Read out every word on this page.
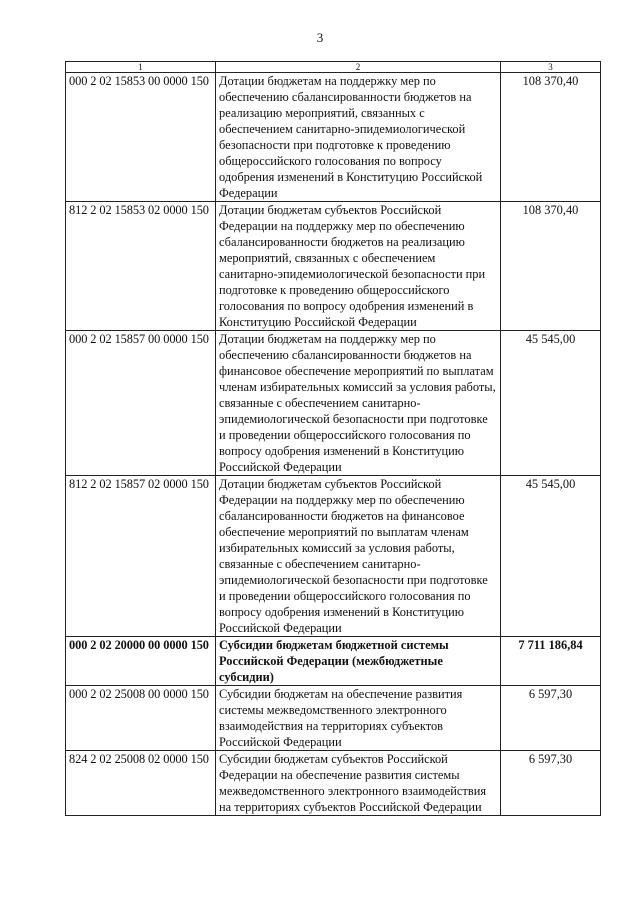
3
1	2	3
000 2 02 15853 00 0000 150	Дотации бюджетам на поддержку мер по обеспечению сбалансированности бюджетов на реализацию мероприятий, связанных с обеспечением санитарно-эпидемиологической безопасности при подготовке к проведению общероссийского голосования по вопросу одобрения изменений в Конституцию Российской Федерации	108 370,40
812 2 02 15853 02 0000 150	Дотации бюджетам субъектов Российской Федерации на поддержку мер по обеспечению сбалансированности бюджетов на реализацию мероприятий, связанных с обеспечением санитарно-эпидемиологической безопасности при подготовке к проведению общероссийского голосования по вопросу одобрения изменений в Конституцию Российской Федерации	108 370,40
000 2 02 15857 00 0000 150	Дотации бюджетам на поддержку мер по обеспечению сбалансированности бюджетов на финансовое обеспечение мероприятий по выплатам членам избирательных комиссий за условия работы, связанные с обеспечением санитарно-эпидемиологической безопасности при подготовке и проведении общероссийского голосования по вопросу одобрения изменений в Конституцию Российской Федерации	45 545,00
812 2 02 15857 02 0000 150	Дотации бюджетам субъектов Российской Федерации на поддержку мер по обеспечению сбалансированности бюджетов на финансовое обеспечение мероприятий по выплатам членам избирательных комиссий за условия работы, связанные с обеспечением санитарно-эпидемиологической безопасности при подготовке и проведении общероссийского голосования по вопросу одобрения изменений в Конституцию Российской Федерации	45 545,00
000 2 02 20000 00 0000 150	Субсидии бюджетам бюджетной системы Российской Федерации (межбюджетные субсидии)	7 711 186,84
000 2 02 25008 00 0000 150	Субсидии бюджетам на обеспечение развития системы межведомственного электронного взаимодействия на территориях субъектов Российской Федерации	6 597,30
824 2 02 25008 02 0000 150	Субсидии бюджетам субъектов Российской Федерации на обеспечение развития системы межведомственного электронного взаимодействия на территориях субъектов Российской Федерации	6 597,30
